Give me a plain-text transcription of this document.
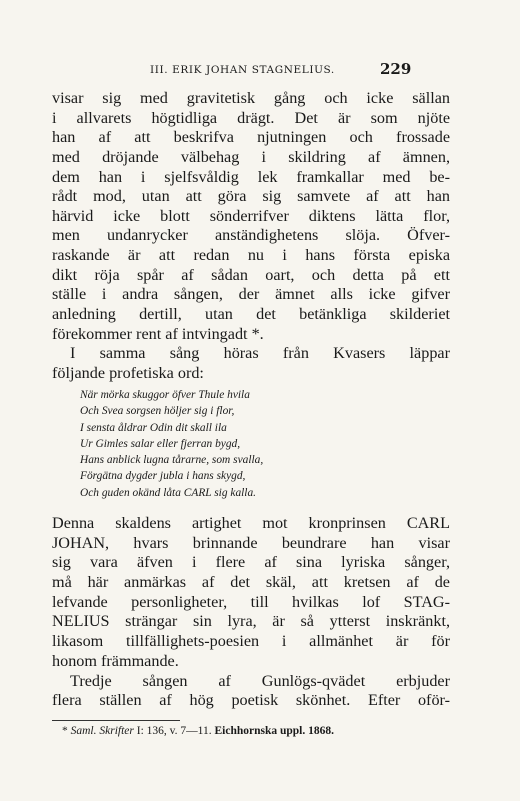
III. ERIK JOHAN STAGNELIUS.	229
visar sig med gravitetisk gång och icke sällan
i allvarets högtidliga drägt. Det är som njöte
han af att beskrifva njutningen och frossade
med dröjande välbehag i skildring af ämnen,
dem han i sjelfsvåldig lek framkallar med be-
rådt mod, utan att göra sig samvete af att han
härvid icke blott sönderrifver diktens lätta flor,
men undanrycker anständighetens slöja. Öfver-
raskande är att redan nu i hans första episka
dikt röja spår af sådan oart, och detta på ett
ställe i andra sången, der ämnet alls icke gifver
anledning dertill, utan det betänkliga skilderiet
förekommer rent af intvingadt *.
I samma sång höras från Kvasers läppar
följande profetiska ord:
När mörka skuggor öfver Thule hvila
Och Svea sorgsen höljer sig i flor,
I sensta åldrar Odin dit skall ila
Ur Gimles salar eller fjerran bygd,
Hans anblick lugna tårarne, som svalla,
Förgätna dygder jubla i hans skygd,
Och guden okänd låta CARL sig kalla.
Denna skaldens artighet mot kronprinsen CARL
JOHAN, hvars brinnande beundrare han visar
sig vara äfven i flere af sina lyriska sånger,
må här anmärkas af det skäl, att kretsen af de
lefvande personligheter, till hvilkas lof STAG-
NELIUS strängar sin lyra, är så ytterst inskränkt,
likasom tillfällighets-poesien i allmänhet är för
honom främmande.
Tredje sången af Gunlögs-qvädet erbjuder
flera ställen af hög poetisk skönhet. Efter oför-
* Saml. Skrifter I: 136, v. 7—11. Eichhornska uppl. 1868.
